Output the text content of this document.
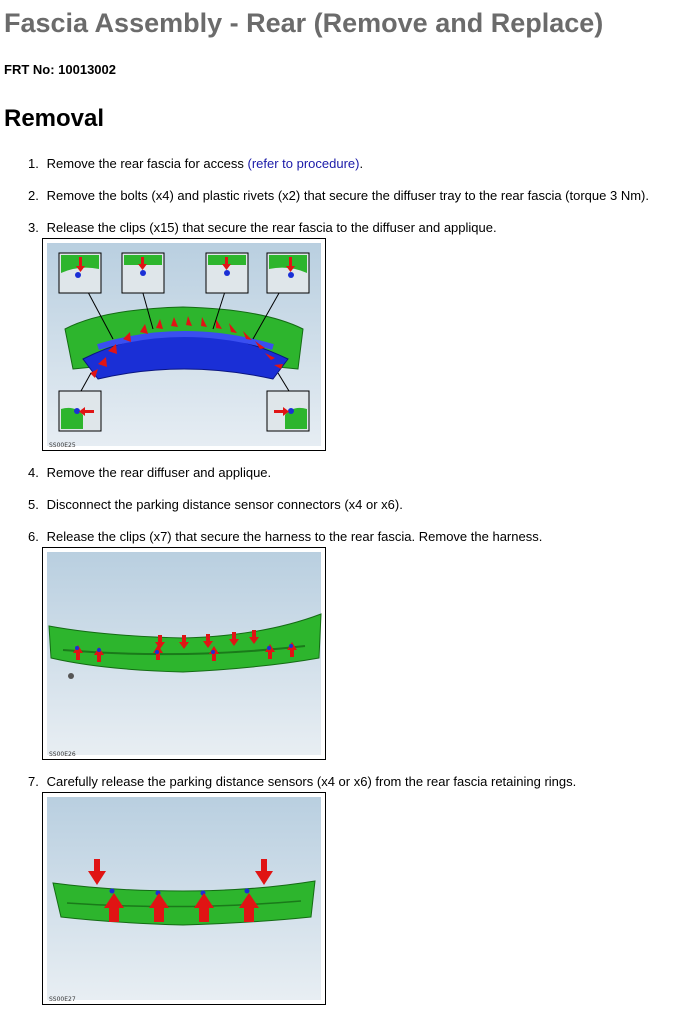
Fascia Assembly - Rear (Remove and Replace)

FRT No: 10013002

Removal

1. Remove the rear fascia for access (refer to procedure).

2. Remove the bolts (x4) and plastic rivets (x2) that secure the diffuser tray to the rear fascia (torque 3 Nm).

3. Release the clips (x15) that secure the rear fascia to the diffuser and applique.

SS00E25

4. Remove the rear diffuser and applique.

5. Disconnect the parking distance sensor connectors (x4 or x6).

6. Release the clips (x7) that secure the harness to the rear fascia. Remove the harness.

SS00E26

7. Carefully release the parking distance sensors (x4 or x6) from the rear fascia retaining rings.

SS00E27
